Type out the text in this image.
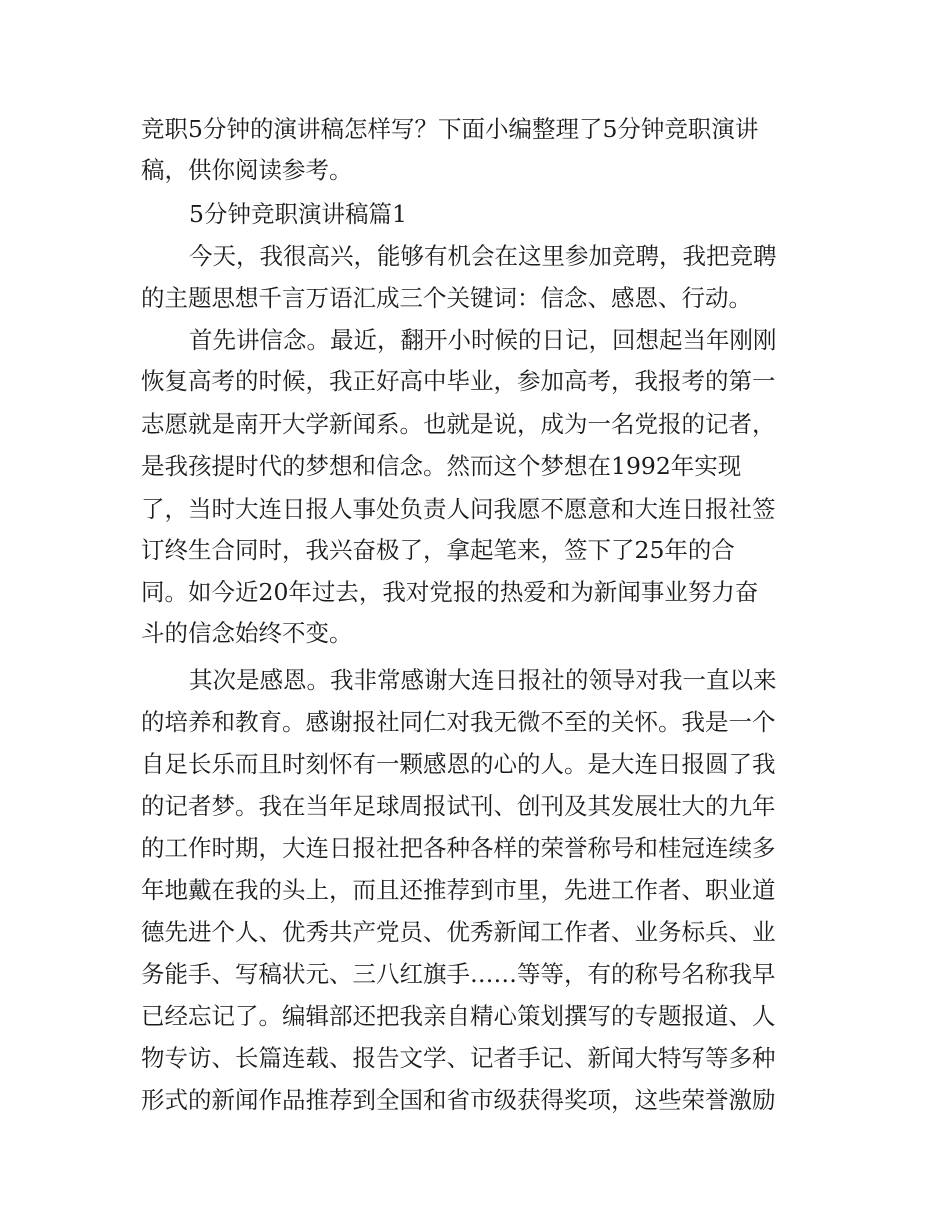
竞职5分钟的演讲稿怎样写？下面小编整理了5分钟竞职演讲
稿，供你阅读参考。
5分钟竞职演讲稿篇1
今天，我很高兴，能够有机会在这里参加竞聘，我把竞聘
的主题思想千言万语汇成三个关键词：信念、感恩、行动。
首先讲信念。最近，翻开小时候的日记，回想起当年刚刚
恢复高考的时候，我正好高中毕业，参加高考，我报考的第一
志愿就是南开大学新闻系。也就是说，成为一名党报的记者，
是我孩提时代的梦想和信念。然而这个梦想在1992年实现
了，当时大连日报人事处负责人问我愿不愿意和大连日报社签
订终生合同时，我兴奋极了，拿起笔来，签下了25年的合
同。如今近20年过去，我对党报的热爱和为新闻事业努力奋
斗的信念始终不变。
其次是感恩。我非常感谢大连日报社的领导对我一直以来
的培养和教育。感谢报社同仁对我无微不至的关怀。我是一个
自足长乐而且时刻怀有一颗感恩的心的人。是大连日报圆了我
的记者梦。我在当年足球周报试刊、创刊及其发展壮大的九年
的工作时期，大连日报社把各种各样的荣誉称号和桂冠连续多
年地戴在我的头上，而且还推荐到市里，先进工作者、职业道
德先进个人、优秀共产党员、优秀新闻工作者、业务标兵、业
务能手、写稿状元、三八红旗手……等等，有的称号名称我早
已经忘记了。编辑部还把我亲自精心策划撰写的专题报道、人
物专访、长篇连载、报告文学、记者手记、新闻大特写等多种
形式的新闻作品推荐到全国和省市级获得奖项，这些荣誉激励
